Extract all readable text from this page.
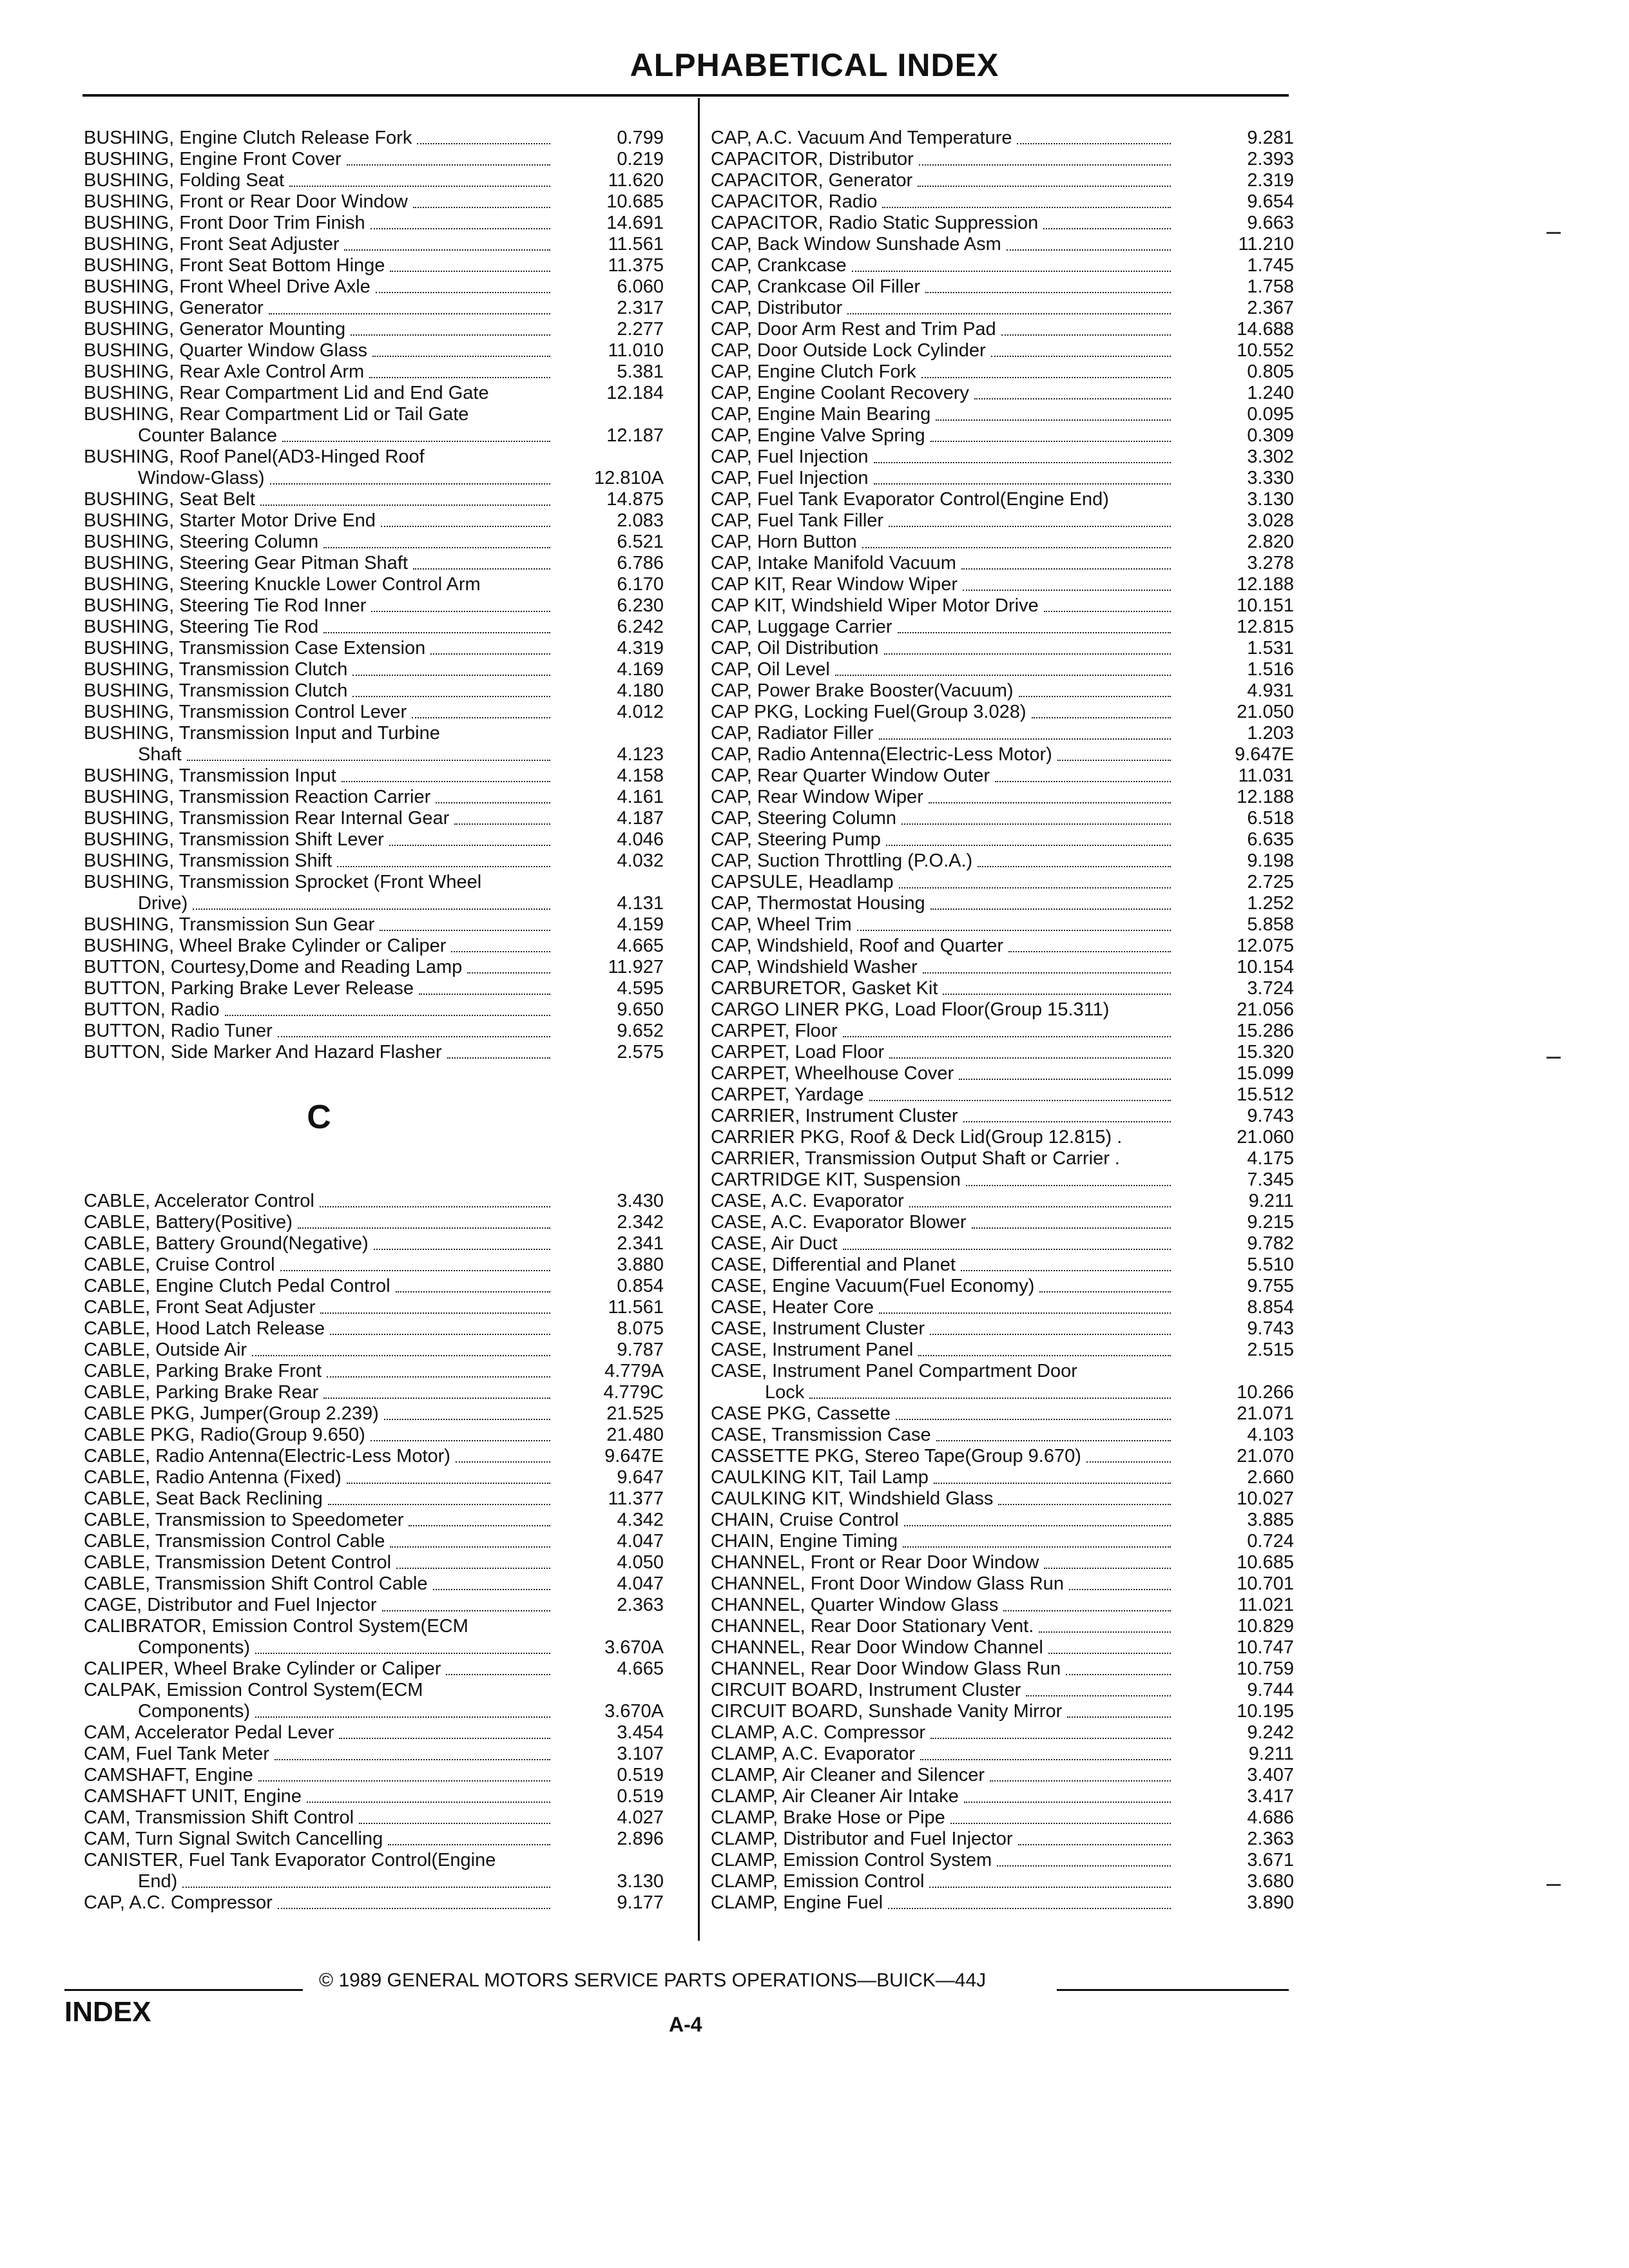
ALPHABETICAL INDEX
BUSHING, Engine Clutch Release Fork	0.799
BUSHING, Engine Front Cover	0.219
BUSHING, Folding Seat	11.620
BUSHING, Front or Rear Door Window	10.685
BUSHING, Front Door Trim Finish	14.691
BUSHING, Front Seat Adjuster	11.561
BUSHING, Front Seat Bottom Hinge	11.375
BUSHING, Front Wheel Drive Axle	6.060
BUSHING, Generator	2.317
BUSHING, Generator Mounting	2.277
BUSHING, Quarter Window Glass	11.010
BUSHING, Rear Axle Control Arm	5.381
BUSHING, Rear Compartment Lid and End Gate	12.184
BUSHING, Rear Compartment Lid or Tail Gate
Counter Balance	12.187
BUSHING, Roof Panel(AD3-Hinged Roof
Window-Glass)	12.810A
BUSHING, Seat Belt	14.875
BUSHING, Starter Motor Drive End	2.083
BUSHING, Steering Column	6.521
BUSHING, Steering Gear Pitman Shaft	6.786
BUSHING, Steering Knuckle Lower Control Arm	6.170
BUSHING, Steering Tie Rod Inner	6.230
BUSHING, Steering Tie Rod	6.242
BUSHING, Transmission Case Extension	4.319
BUSHING, Transmission Clutch	4.169
BUSHING, Transmission Clutch	4.180
BUSHING, Transmission Control Lever	4.012
BUSHING, Transmission Input and Turbine
Shaft	4.123
BUSHING, Transmission Input	4.158
BUSHING, Transmission Reaction Carrier	4.161
BUSHING, Transmission Rear Internal Gear	4.187
BUSHING, Transmission Shift Lever	4.046
BUSHING, Transmission Shift	4.032
BUSHING, Transmission Sprocket (Front Wheel
Drive)	4.131
BUSHING, Transmission Sun Gear	4.159
BUSHING, Wheel Brake Cylinder or Caliper	4.665
BUTTON, Courtesy,Dome and Reading Lamp	11.927
BUTTON, Parking Brake Lever Release	4.595
BUTTON, Radio	9.650
BUTTON, Radio Tuner	9.652
BUTTON, Side Marker And Hazard Flasher	2.575
C
CABLE, Accelerator Control	3.430
CABLE, Battery(Positive)	2.342
CABLE, Battery Ground(Negative)	2.341
CABLE, Cruise Control	3.880
CABLE, Engine Clutch Pedal Control	0.854
CABLE, Front Seat Adjuster	11.561
CABLE, Hood Latch Release	8.075
CABLE, Outside Air	9.787
CABLE, Parking Brake Front	4.779A
CABLE, Parking Brake Rear	4.779C
CABLE PKG, Jumper(Group 2.239)	21.525
CABLE PKG, Radio(Group 9.650)	21.480
CABLE, Radio Antenna(Electric-Less Motor)	9.647E
CABLE, Radio Antenna (Fixed)	9.647
CABLE, Seat Back Reclining	11.377
CABLE, Transmission to Speedometer	4.342
CABLE, Transmission Control Cable	4.047
CABLE, Transmission Detent Control	4.050
CABLE, Transmission Shift Control Cable	4.047
CAGE, Distributor and Fuel Injector	2.363
CALIBRATOR, Emission Control System(ECM
Components)	3.670A
CALIPER, Wheel Brake Cylinder or Caliper	4.665
CALPAK, Emission Control System(ECM
Components)	3.670A
CAM, Accelerator Pedal Lever	3.454
CAM, Fuel Tank Meter	3.107
CAMSHAFT, Engine	0.519
CAMSHAFT UNIT, Engine	0.519
CAM, Transmission Shift Control	4.027
CAM, Turn Signal Switch Cancelling	2.896
CANISTER, Fuel Tank Evaporator Control(Engine
End)	3.130
CAP, A.C. Compressor	9.177
CAP, A.C. Vacuum And Temperature	9.281
CAPACITOR, Distributor	2.393
CAPACITOR, Generator	2.319
CAPACITOR, Radio	9.654
CAPACITOR, Radio Static Suppression	9.663
CAP, Back Window Sunshade Asm	11.210
CAP, Crankcase	1.745
CAP, Crankcase Oil Filler	1.758
CAP, Distributor	2.367
CAP, Door Arm Rest and Trim Pad	14.688
CAP, Door Outside Lock Cylinder	10.552
CAP, Engine Clutch Fork	0.805
CAP, Engine Coolant Recovery	1.240
CAP, Engine Main Bearing	0.095
CAP, Engine Valve Spring	0.309
CAP, Fuel Injection	3.302
CAP, Fuel Injection	3.330
CAP, Fuel Tank Evaporator Control(Engine End)	3.130
CAP, Fuel Tank Filler	3.028
CAP, Horn Button	2.820
CAP, Intake Manifold Vacuum	3.278
CAP KIT, Rear Window Wiper	12.188
CAP KIT, Windshield Wiper Motor Drive	10.151
CAP, Luggage Carrier	12.815
CAP, Oil Distribution	1.531
CAP, Oil Level	1.516
CAP, Power Brake Booster(Vacuum)	4.931
CAP PKG, Locking Fuel(Group 3.028)	21.050
CAP, Radiator Filler	1.203
CAP, Radio Antenna(Electric-Less Motor)	9.647E
CAP, Rear Quarter Window Outer	11.031
CAP, Rear Window Wiper	12.188
CAP, Steering Column	6.518
CAP, Steering Pump	6.635
CAP, Suction Throttling (P.O.A.)	9.198
CAPSULE, Headlamp	2.725
CAP, Thermostat Housing	1.252
CAP, Wheel Trim	5.858
CAP, Windshield, Roof and Quarter	12.075
CAP, Windshield Washer	10.154
CARBURETOR, Gasket Kit	3.724
CARGO LINER PKG, Load Floor(Group 15.311)	21.056
CARPET, Floor	15.286
CARPET, Load Floor	15.320
CARPET, Wheelhouse Cover	15.099
CARPET, Yardage	15.512
CARRIER, Instrument Cluster	9.743
CARRIER PKG, Roof & Deck Lid(Group 12.815) .	21.060
CARRIER, Transmission Output Shaft or Carrier .	4.175
CARTRIDGE KIT, Suspension	7.345
CASE, A.C. Evaporator	9.211
CASE, A.C. Evaporator Blower	9.215
CASE, Air Duct	9.782
CASE, Differential and Planet	5.510
CASE, Engine Vacuum(Fuel Economy)	9.755
CASE, Heater Core	8.854
CASE, Instrument Cluster	9.743
CASE, Instrument Panel	2.515
CASE, Instrument Panel Compartment Door
Lock	10.266
CASE PKG, Cassette	21.071
CASE, Transmission Case	4.103
CASSETTE PKG, Stereo Tape(Group 9.670)	21.070
CAULKING KIT, Tail Lamp	2.660
CAULKING KIT, Windshield Glass	10.027
CHAIN, Cruise Control	3.885
CHAIN, Engine Timing	0.724
CHANNEL, Front or Rear Door Window	10.685
CHANNEL, Front Door Window Glass Run	10.701
CHANNEL, Quarter Window Glass	11.021
CHANNEL, Rear Door Stationary Vent.	10.829
CHANNEL, Rear Door Window Channel	10.747
CHANNEL, Rear Door Window Glass Run	10.759
CIRCUIT BOARD, Instrument Cluster	9.744
CIRCUIT BOARD, Sunshade Vanity Mirror	10.195
CLAMP, A.C. Compressor	9.242
CLAMP, A.C. Evaporator	9.211
CLAMP, Air Cleaner and Silencer	3.407
CLAMP, Air Cleaner Air Intake	3.417
CLAMP, Brake Hose or Pipe	4.686
CLAMP, Distributor and Fuel Injector	2.363
CLAMP, Emission Control System	3.671
CLAMP, Emission Control	3.680
CLAMP, Engine Fuel	3.890
© 1989 GENERAL MOTORS SERVICE PARTS OPERATIONS—BUICK—44J
INDEX	A-4
